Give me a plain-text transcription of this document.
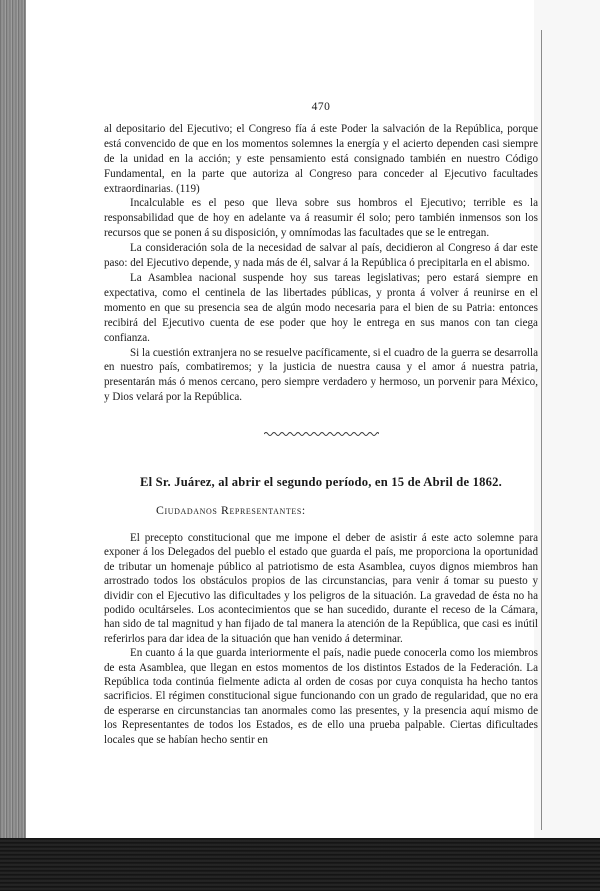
470

al depositario del Ejecutivo; el Congreso fía á este Poder la salvación de la República, porque está convencido de que en los momentos solemnes la energía y el acierto dependen casi siempre de la unidad en la acción; y este pensamiento está consignado también en nuestro Código Fundamental, en la parte que autoriza al Congreso para conceder al Ejecutivo facultades extraordinarias. (119)

Incalculable es el peso que lleva sobre sus hombros el Ejecutivo; terrible es la responsabilidad que de hoy en adelante va á reasumir él solo; pero también inmensos son los recursos que se ponen á su disposición, y omnímodas las facultades que se le entregan.

La consideración sola de la necesidad de salvar al país, decidieron al Congreso á dar este paso: del Ejecutivo depende, y nada más de él, salvar á la República ó precipitarla en el abismo.

La Asamblea nacional suspende hoy sus tareas legislativas; pero estará siempre en expectativa, como el centinela de las libertades públicas, y pronta á volver á reunirse en el momento en que su presencia sea de algún modo necesaria para el bien de su Patria: entonces recibirá del Ejecutivo cuenta de ese poder que hoy le entrega en sus manos con tan ciega confianza.

Si la cuestión extranjera no se resuelve pacíficamente, si el cuadro de la guerra se desarrolla en nuestro país, combatiremos; y la justicia de nuestra causa y el amor á nuestra patria, presentarán más ó menos cercano, pero siempre verdadero y hermoso, un porvenir para México, y Dios velará por la República.

El Sr. Juárez, al abrir el segundo período, en 15 de Abril de 1862.
Ciudadanos Representantes:

El precepto constitucional que me impone el deber de asistir á este acto solemne para exponer á los Delegados del pueblo el estado que guarda el país, me proporciona la oportunidad de tributar un homenaje público al patriotismo de esta Asamblea, cuyos dignos miembros han arrostrado todos los obstáculos propios de las circunstancias, para venir á tomar su puesto y dividir con el Ejecutivo las dificultades y los peligros de la situación. La gravedad de ésta no ha podido ocultárseles. Los acontecimientos que se han sucedido, durante el receso de la Cámara, han sido de tal magnitud y han fijado de tal manera la atención de la República, que casi es inútil referirlos para dar idea de la situación que han venido á determinar.

En cuanto á la que guarda interiormente el país, nadie puede conocerla como los miembros de esta Asamblea, que llegan en estos momentos de los distintos Estados de la Federación. La República toda continúa fielmente adicta al orden de cosas por cuya conquista ha hecho tantos sacrificios. El régimen constitucional sigue funcionando con un grado de regularidad, que no era de esperarse en circunstancias tan anormales como las presentes, y la presencia aquí mismo de los Representantes de todos los Estados, es de ello una prueba palpable. Ciertas dificultades locales que se habían hecho sentir en
